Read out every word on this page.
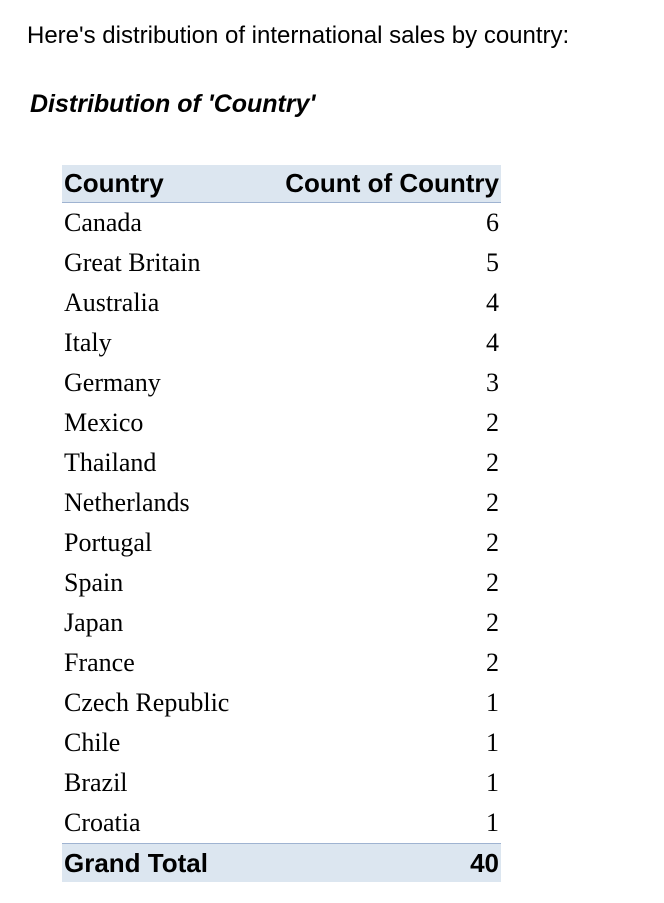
Here's distribution of international sales by country:
Distribution of 'Country'
Country	Count of Country
Canada	6
Great Britain	5
Australia	4
Italy	4
Germany	3
Mexico	2
Thailand	2
Netherlands	2
Portugal	2
Spain	2
Japan	2
France	2
Czech Republic	1
Chile	1
Brazil	1
Croatia	1
Grand Total	40
